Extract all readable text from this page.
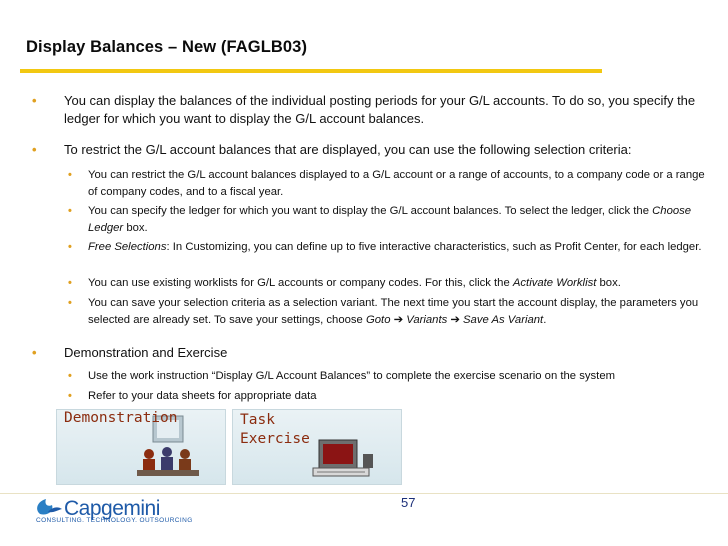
Display Balances – New (FAGLB03)
•	You can display the balances of the individual posting periods for your G/L accounts. To do so, you specify the ledger for which you want to display the G/L account balances.
•	To restrict the G/L account balances that are displayed, you can use the following selection criteria:
•	You can restrict the G/L account balances displayed to a G/L account or a range of accounts, to a company code or a range of company codes, and to a fiscal year.
•	You can specify the ledger for which you want to display the G/L account balances. To select the ledger, click the Choose Ledger box.
•	Free Selections: In Customizing, you can define up to five interactive characteristics, such as Profit Center, for each ledger.
•	You can use existing worklists for G/L accounts or company codes. For this, click the Activate Worklist box.
•	You can save your selection criteria as a selection variant. The next time you start the account display, the parameters you selected are already set. To save your settings, choose Goto ➔ Variants ➔ Save As Variant.
•	Demonstration and Exercise
•	Use the work instruction “Display G/L Account Balances” to complete the exercise scenario on the system
•	Refer to your data sheets for appropriate data
Demonstration	Task
Exercise
57
Capgemini
CONSULTING. TECHNOLOGY. OUTSOURCING
